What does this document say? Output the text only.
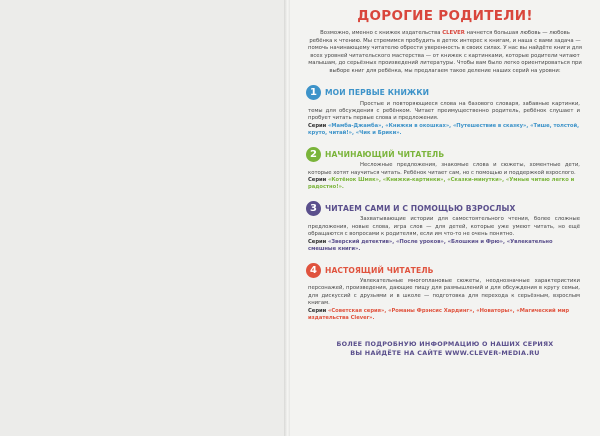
ДОРОГИЕ РОДИТЕЛИ!
Возможно, именно с книжек издательства CLEVER начнется большая любовь — любовь ребёнка к чтению. Мы стремимся пробудить в детях интерес к книгам, и наша с вами задача — помочь начинающему читателю обрести уверенность в своих силах. У нас вы найдёте книги для всех уровней читательского мастерства — от книжек с картинками, которые родители читают малышам, до серьёзных произведений литературы. Чтобы вам было легко ориентироваться при выборе книг для ребёнка, мы предлагаем такое деление наших серий на уровни:
1	МОИ ПЕРВЫЕ КНИЖКИ
Простые и повторяющиеся слова на базового словаря, забавные картинки, темы для обсуждения с ребёнком. Читает преимущественно родитель, ребёнок слушает и пробует читать первые слова и предложения.
Серии «Мамба-Джамба», «Книжки в окошках», «Путешествие в сказку», «Тише, толстой, круто, читай!», «Чик и Брики».
2	НАЧИНАЮЩИЙ ЧИТАТЕЛЬ
Несложные предложения, знакомые слова и сюжеты, хоментные дети, которые хотят научиться читать. Ребёнок читает сам, но с помощью и поддержкой взрослого.
Серии «Котёнок Шмяк», «Книжки-картинки», «Сказки-минутки», «Умные читаю легко и радостно!».
3	ЧИТАЕМ САМИ И С ПОМОЩЬЮ ВЗРОСЛЫХ
Захватывающие истории для самостоятельного чтения, более сложные предложения, новые слова, игра слов — для детей, которые уже умеют читать, но ещё обращаются с вопросами к родителям, если им что-то не очень понятно.
Серии «Зверский детектив», «После уроков», «Блошкин и Фрю», «Увлекательно смешные книги».
4	НАСТОЯЩИЙ ЧИТАТЕЛЬ
Увлекательные многоплановые сюжеты, неоднозначные характеристики персонажей, произведения, дающие пищу для размышлений и для обсуждения в кругу семьи, для дискуссий с друзьями и в школе — подготовка для перехода к серьёзным, взрослым книгам.
Серии «Советская серия», «Романы Фрэнсис Хардинг», «Новаторы», «Магический мир издательства Clever».
БОЛЕЕ ПОДРОБНУЮ ИНФОРМАЦИЮ О НАШИХ СЕРИЯХ
ВЫ НАЙДЁТЕ НА САЙТЕ WWW.CLEVER-MEDIA.RU
